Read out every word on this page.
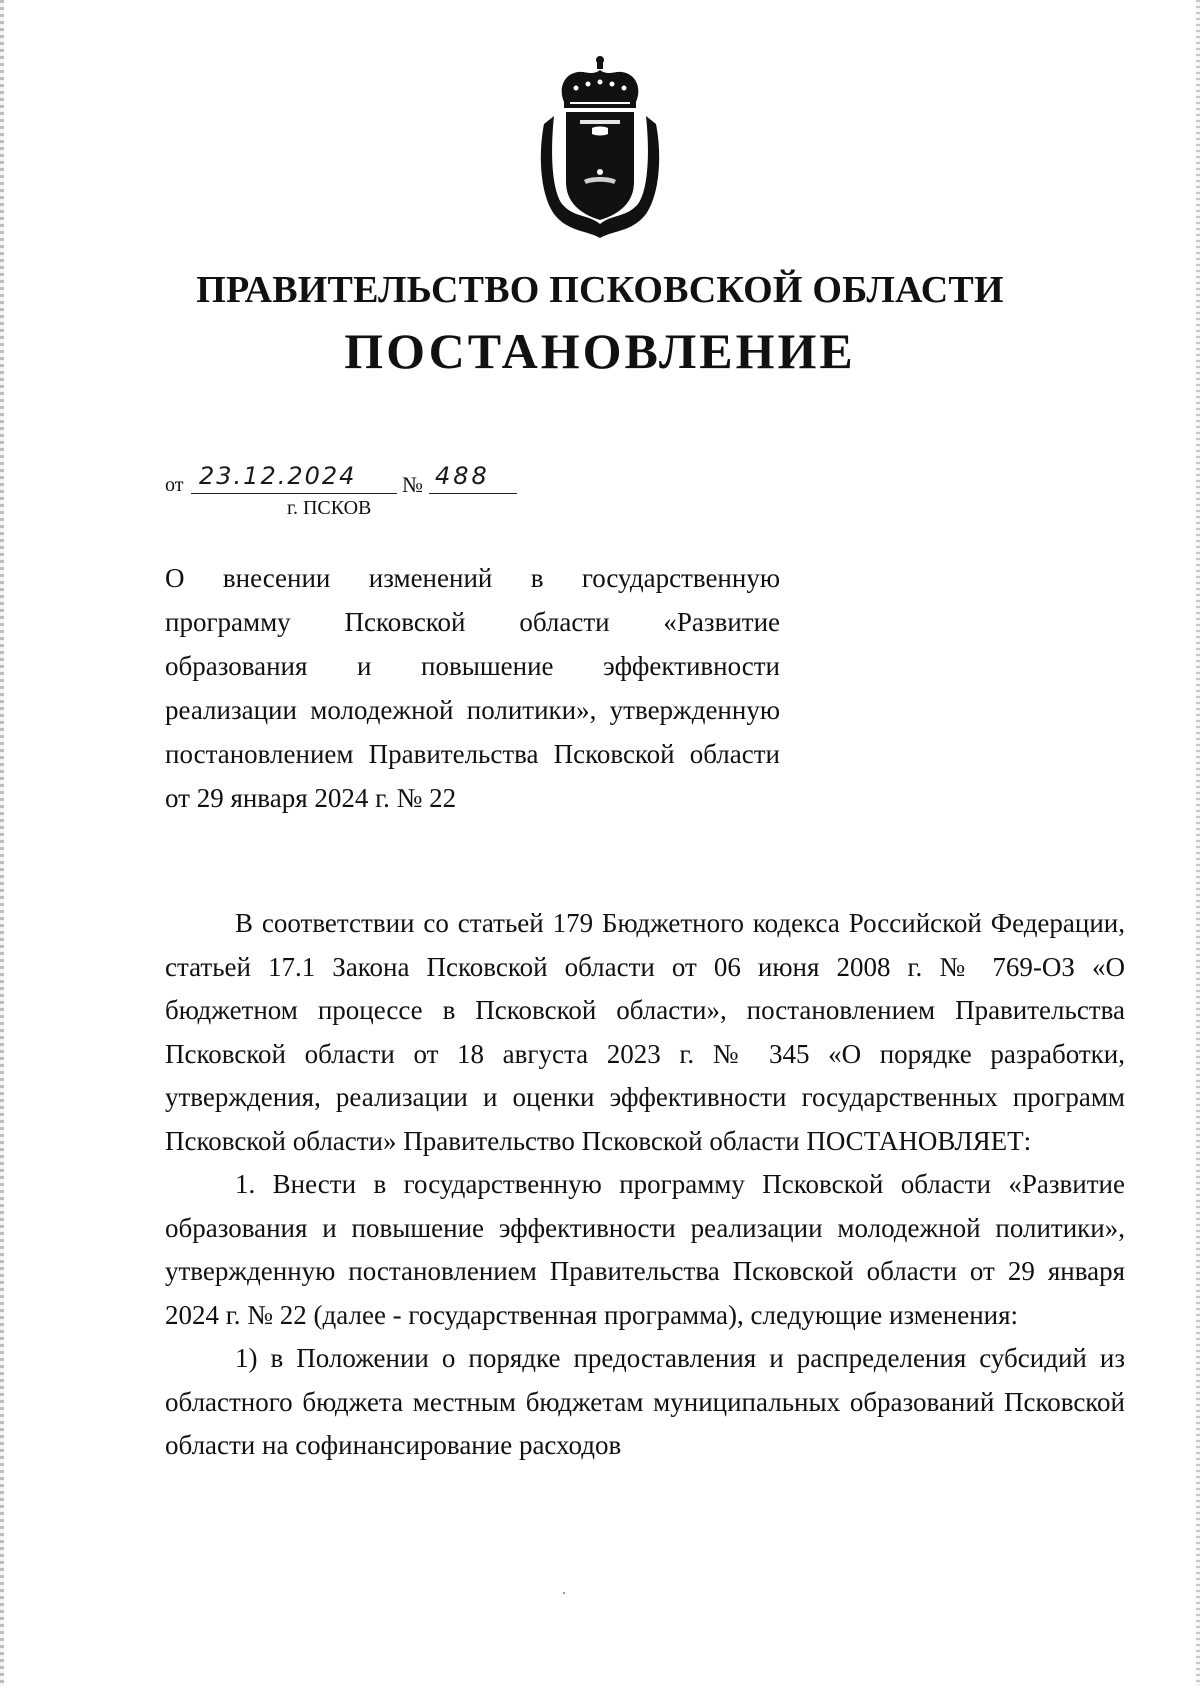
ПРАВИТЕЛЬСТВО ПСКОВСКОЙ ОБЛАСТИ
ПОСТАНОВЛЕНИЕ
от 23.12.2024	№ 488
г. ПСКОВ
О внесении изменений в государственную программу Псковской области «Развитие образования и повышение эффективности реализации молодежной политики», утвержденную постановлением Правительства Псковской области от 29 января 2024 г. № 22

В соответствии со статьей 179 Бюджетного кодекса Российской Федерации, статьей 17.1 Закона Псковской области от 06 июня 2008 г. № 769-ОЗ «О бюджетном процессе в Псковской области», постановлением Правительства Псковской области от 18 августа 2023 г. № 345 «О порядке разработки, утверждения, реализации и оценки эффективности государственных программ Псковской области» Правительство Псковской области ПОСТАНОВЛЯЕТ:

1. Внести в государственную программу Псковской области «Развитие образования и повышение эффективности реализации молодежной политики», утвержденную постановлением Правительства Псковской области от 29 января 2024 г. № 22 (далее - государственная программа), следующие изменения:

1) в Положении о порядке предоставления и распределения субсидий из областного бюджета местным бюджетам муниципальных образований Псковской области на софинансирование расходов
